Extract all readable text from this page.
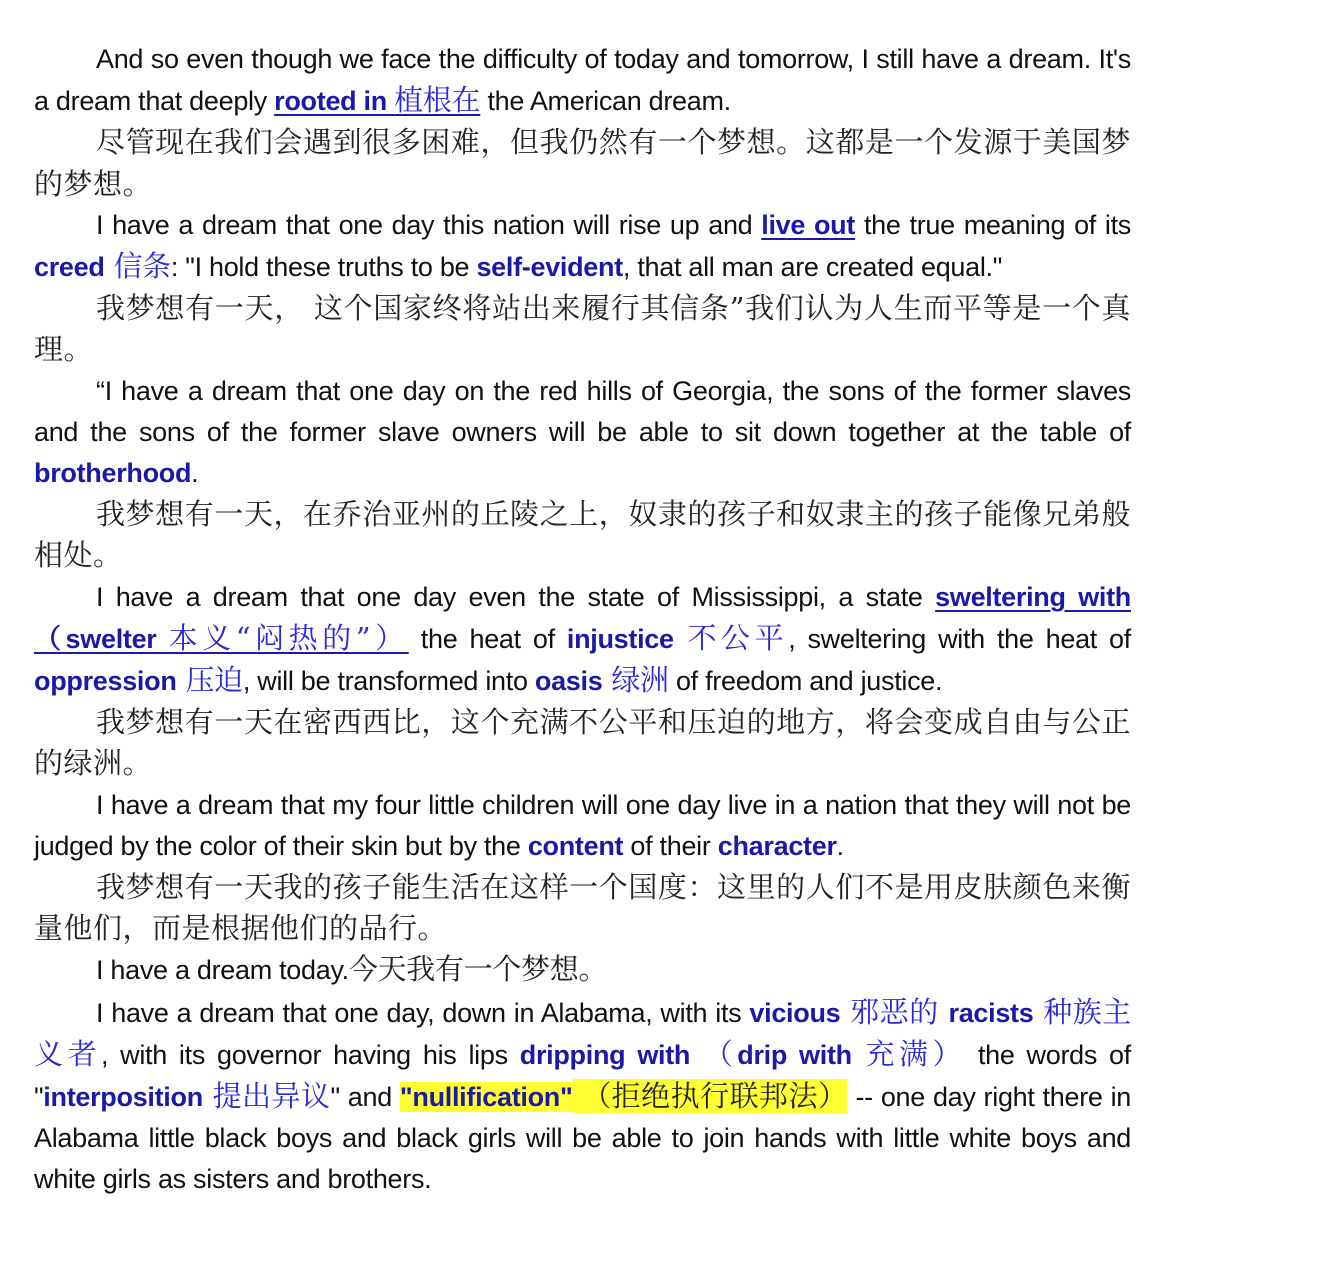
And so even though we face the difficulty of today and tomorrow, I still have a dream. It's a dream that deeply rooted in 植根在 the American dream.

尽管现在我们会遇到很多困难，但我仍然有一个梦想。这都是一个发源于美国梦的梦想。

I have a dream that one day this nation will rise up and live out the true meaning of its creed 信条: "I hold these truths to be self-evident, that all man are created equal."

我梦想有一天， 这个国家终将站出来履行其信条”我们认为人生而平等是一个真理。

“I have a dream that one day on the red hills of Georgia, the sons of the former slaves and the sons of the former slave owners will be able to sit down together at the table of brotherhood.

我梦想有一天，在乔治亚州的丘陵之上，奴隶的孩子和奴隶主的孩子能像兄弟般相处。

I have a dream that one day even the state of Mississippi, a state sweltering with （swelter 本义“闷热的”） the heat of injustice 不公平, sweltering with the heat of oppression 压迫, will be transformed into oasis 绿洲 of freedom and justice.

我梦想有一天在密西西比，这个充满不公平和压迫的地方，将会变成自由与公正的绿洲。

I have a dream that my four little children will one day live in a nation that they will not be judged by the color of their skin but by the content of their character.

我梦想有一天我的孩子能生活在这样一个国度：这里的人们不是用皮肤颜色来衡量他们，而是根据他们的品行。

I have a dream today.今天我有一个梦想。

I have a dream that one day, down in Alabama, with its vicious 邪恶的 racists 种族主义者, with its governor having his lips dripping with （drip with 充满） the words of "interposition 提出异议" and "nullification" （拒绝执行联邦法） -- one day right there in Alabama little black boys and black girls will be able to join hands with little white boys and white girls as sisters and brothers.
